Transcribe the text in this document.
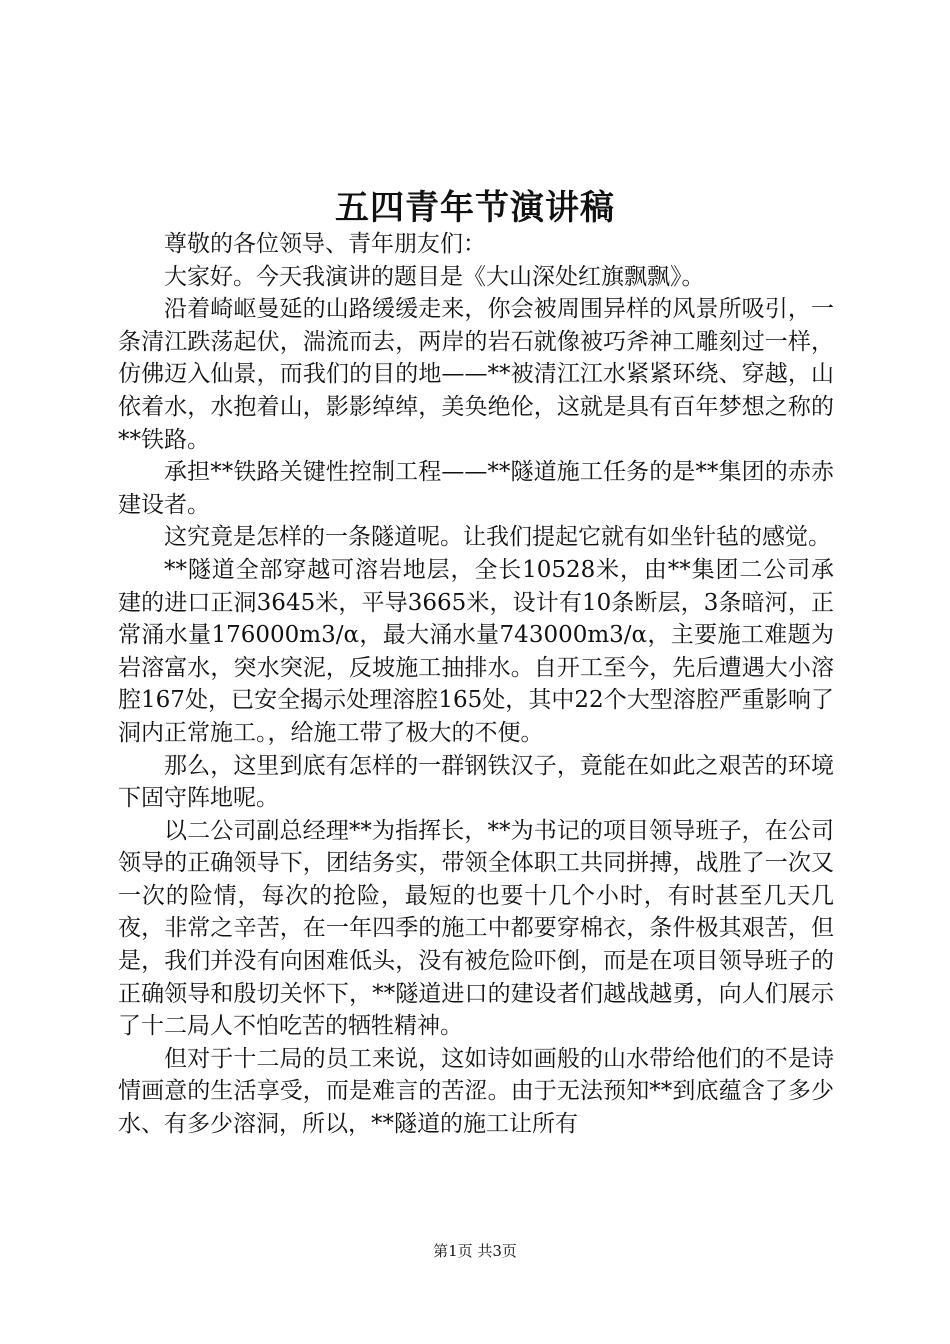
五四青年节演讲稿

尊敬的各位领导、青年朋友们：

大家好。今天我演讲的题目是《大山深处红旗飘飘》。

沿着崎岖曼延的山路缓缓走来，你会被周围异样的风景所吸引，一条清江跌荡起伏，湍流而去，两岸的岩石就像被巧斧神工雕刻过一样，仿佛迈入仙景，而我们的目的地——**被清江江水紧紧环绕、穿越，山依着水，水抱着山，影影绰绰，美奂绝伦，这就是具有百年梦想之称的**铁路。

承担**铁路关键性控制工程——**隧道施工任务的是**集团的赤赤建设者。

这究竟是怎样的一条隧道呢。让我们提起它就有如坐针毡的感觉。

**隧道全部穿越可溶岩地层，全长10528米，由**集团二公司承建的进口正洞3645米，平导3665米，设计有10条断层，3条暗河，正常涌水量176000m3/α，最大涌水量743000m3/α，主要施工难题为岩溶富水，突水突泥，反坡施工抽排水。自开工至今，先后遭遇大小溶腔167处，已安全揭示处理溶腔165处，其中22个大型溶腔严重影响了洞内正常施工。，给施工带了极大的不便。

那么，这里到底有怎样的一群钢铁汉子，竟能在如此之艰苦的环境下固守阵地呢。

以二公司副总经理**为指挥长，**为书记的项目领导班子，在公司领导的正确领导下，团结务实，带领全体职工共同拼搏，战胜了一次又一次的险情，每次的抢险，最短的也要十几个小时，有时甚至几天几夜，非常之辛苦，在一年四季的施工中都要穿棉衣，条件极其艰苦，但是，我们并没有向困难低头，没有被危险吓倒，而是在项目领导班子的正确领导和殷切关怀下，**隧道进口的建设者们越战越勇，向人们展示了十二局人不怕吃苦的牺牲精神。

但对于十二局的员工来说，这如诗如画般的山水带给他们的不是诗情画意的生活享受，而是难言的苦涩。由于无法预知**到底蕴含了多少水、有多少溶洞，所以，**隧道的施工让所有

第1页 共3页
